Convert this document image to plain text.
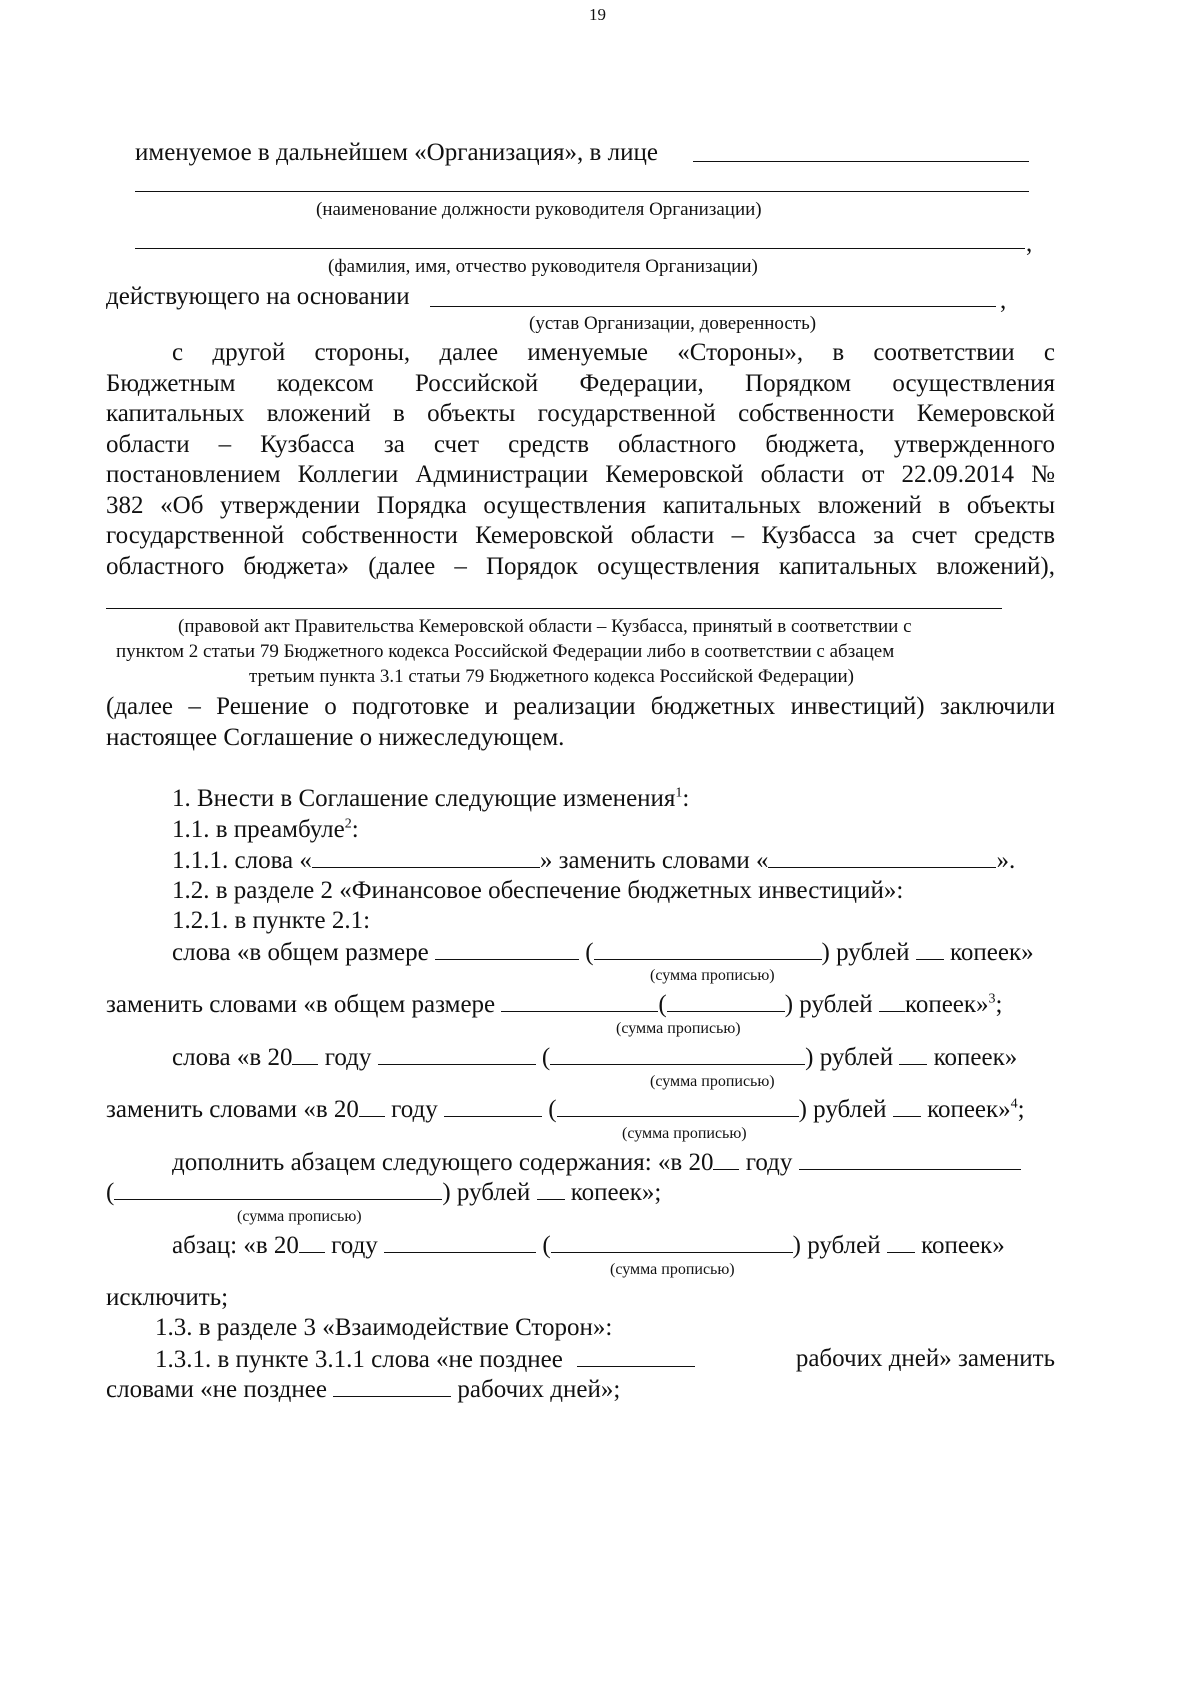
19
именуемое в дальнейшем «Организация», в лице
(наименование должности руководителя Организации)
,
(фамилия, имя, отчество руководителя Организации)
действующего на основании	,
(устав Организации, доверенность)
с другой стороны, далее именуемые «Стороны», в соответствии с
Бюджетным кодексом Российской Федерации, Порядком осуществления
капитальных вложений в объекты государственной собственности Кемеровской
области – Кузбасса за счет средств областного бюджета, утвержденного
постановлением Коллегии Администрации Кемеровской области от 22.09.2014 №
382 «Об утверждении Порядка осуществления капитальных вложений в объекты
государственной собственности Кемеровской области – Кузбасса за счет средств
областного бюджета» (далее – Порядок осуществления капитальных вложений),
(правовой акт Правительства Кемеровской области – Кузбасса, принятый в соответствии с
пунктом 2 статьи 79 Бюджетного кодекса Российской Федерации либо в соответствии с абзацем
третьим пункта 3.1 статьи 79 Бюджетного кодекса Российской Федерации)
(далее – Решение о подготовке и реализации бюджетных инвестиций) заключили
настоящее Соглашение о нижеследующем.
1. Внести в Соглашение следующие изменения$^1$:
1.1. в преамбуле$^2$:
1.1.1. слова «	» заменить словами «	».
1.2. в разделе 2 «Финансовое обеспечение бюджетных инвестиций»:
1.2.1. в пункте 2.1:
слова «в общем размере	(	) рублей копеек»
(сумма прописью)
заменить словами «в общем размере	(	) рублей копеек»$^3$;
(сумма прописью)
слова «в 20 году	(	) рублей копеек»
(сумма прописью)
заменить словами «в 20 году	(	) рублей копеек»$^4$;
(сумма прописью)
дополнить абзацем следующего содержания: «в 20 году
(	) рублей копеек»;
(сумма прописью)
абзац: «в 20 году	(	) рублей копеек»
(сумма прописью)
исключить;
1.3. в разделе 3 «Взаимодействие Сторон»:
1.3.1. в пункте 3.1.1 слова «не позднее	рабочих дней» заменить
словами «не позднее	рабочих дней»;
